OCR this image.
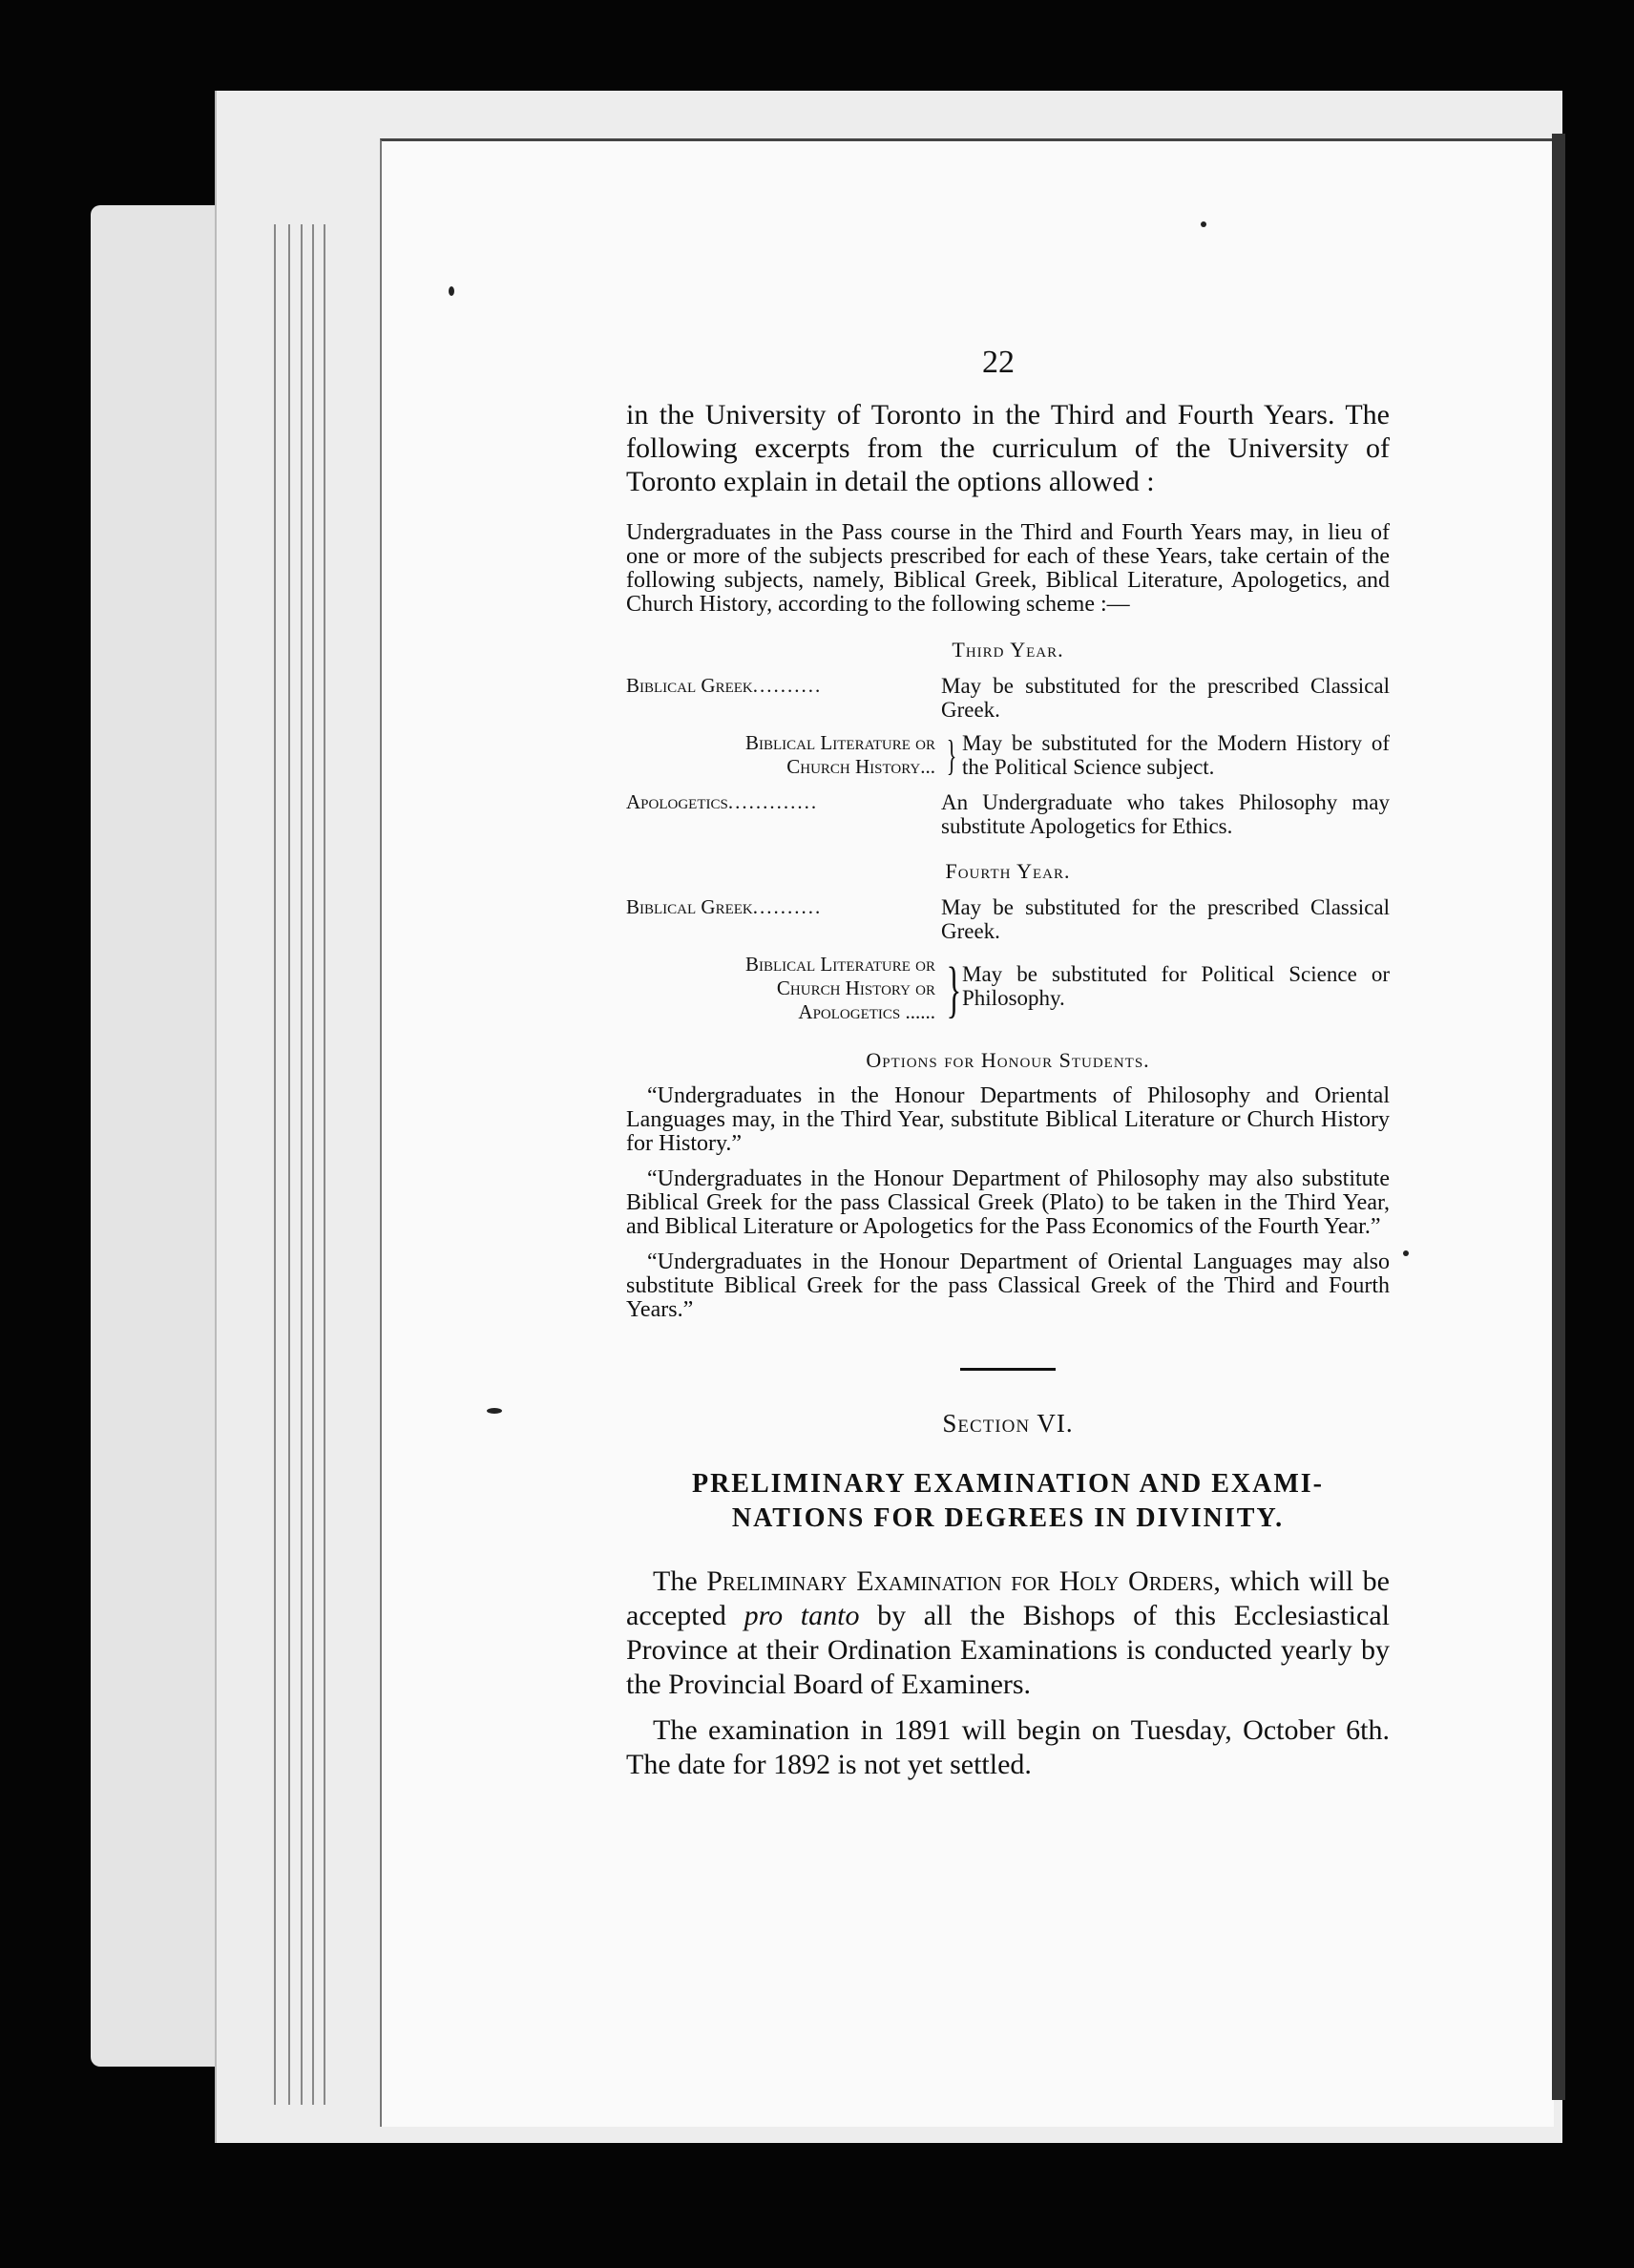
22

in the University of Toronto in the Third and Fourth Years. The following excerpts from the curriculum of the University of Toronto explain in detail the options allowed :

Undergraduates in the Pass course in the Third and Fourth Years may, in lieu of one or more of the subjects prescribed for each of these Years, take certain of the following subjects, namely, Biblical Greek, Biblical Literature, Apologetics, and Church History, according to the following scheme :—

Third Year.
Biblical Greek..........	May be substituted for the prescribed Classical Greek.
Biblical Literature or
Church History... } May be substituted for the Modern History of the Political Science subject.
Apologetics.............	An Undergraduate who takes Philosophy may substitute Apologetics for Ethics.
Fourth Year.
Biblical Greek..........	May be substituted for the prescribed Classical Greek.
Biblical Literature or
Church History or
Apologetics ...... } May be substituted for Political Science or Philosophy.
Options for Honour Students.

“Undergraduates in the Honour Departments of Philosophy and Oriental Languages may, in the Third Year, substitute Biblical Literature or Church History for History.”

“Undergraduates in the Honour Department of Philosophy may also substitute Biblical Greek for the pass Classical Greek (Plato) to be taken in the Third Year, and Biblical Literature or Apologetics for the Pass Economics of the Fourth Year.”

“Undergraduates in the Honour Department of Oriental Languages may also substitute Biblical Greek for the pass Classical Greek of the Third and Fourth Years.”

Section VI.
PRELIMINARY EXAMINATION AND EXAMI-
NATIONS FOR DEGREES IN DIVINITY.

The Preliminary Examination for Holy Orders, which will be accepted pro tanto by all the Bishops of this Ecclesiastical Province at their Ordination Examinations is conducted yearly by the Provincial Board of Examiners.

The examination in 1891 will begin on Tuesday, October 6th. The date for 1892 is not yet settled.
